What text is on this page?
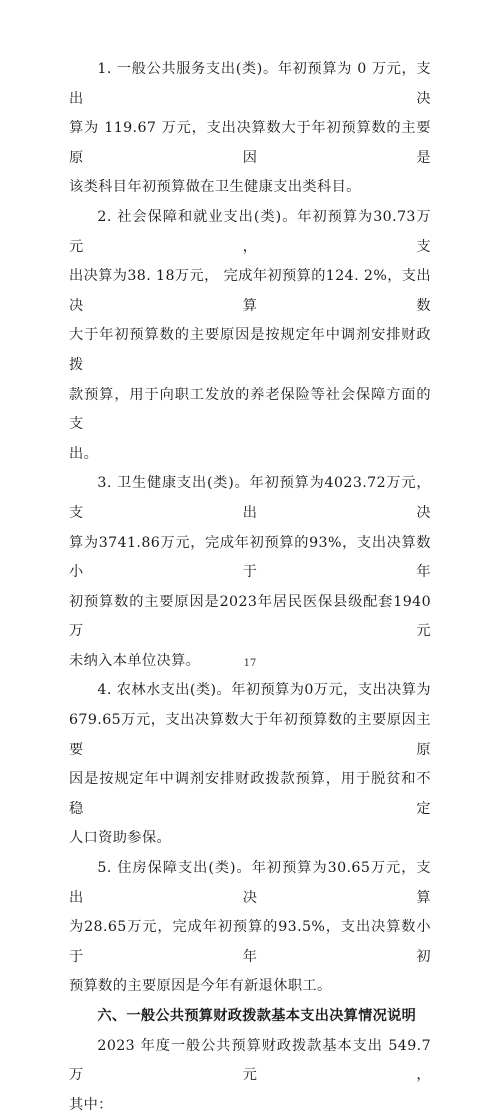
1. 一般公共服务支出(类)。年初预算为 0 万元，支出决
算为 119.67 万元，支出决算数大于年初预算数的主要原因是
该类科目年初预算做在卫生健康支出类科目。
2. 社会保障和就业支出(类)。年初预算为30.73万元，支
出决算为38. 18万元， 完成年初预算的124. 2%，支出决算数
大于年初预算数的主要原因是按规定年中调剂安排财政拨
款预算，用于向职工发放的养老保险等社会保障方面的支
出。
3. 卫生健康支出(类)。年初预算为4023.72万元，支出决
算为3741.86万元，完成年初预算的93%，支出决算数小于年
初预算数的主要原因是2023年居民医保县级配套1940万元
未纳入本单位决算。
4. 农林水支出(类)。年初预算为0万元，支出决算为
679.65万元，支出决算数大于年初预算数的主要原因主要原
因是按规定年中调剂安排财政拨款预算，用于脱贫和不稳定
人口资助参保。
5. 住房保障支出(类)。年初预算为30.65万元，支出决算
为28.65万元，完成年初预算的93.5%，支出决算数小于年初
预算数的主要原因是今年有新退休职工。
六、一般公共预算财政拨款基本支出决算情况说明
2023 年度一般公共预算财政拨款基本支出 549.7 万元，
其中：
17
